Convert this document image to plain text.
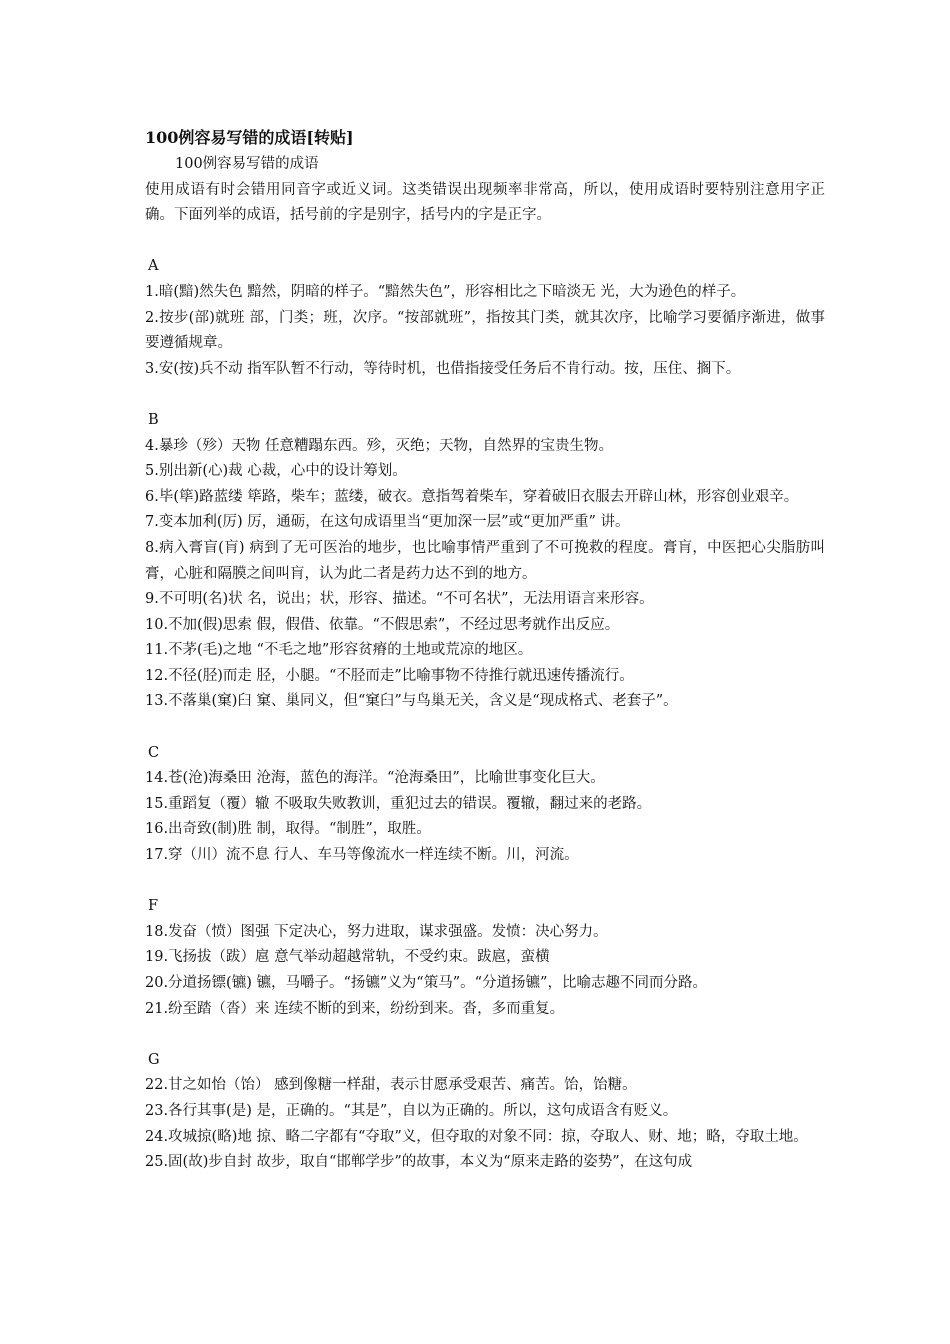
100例容易写错的成语[转贴]
100例容易写错的成语
使用成语有时会错用同音字或近义词。这类错误出现频率非常高，所以，使用成语时要特别注意用字正确。下面列举的成语，括号前的字是别字，括号内的字是正字。
A
1.暗(黯)然失色 黯然，阴暗的样子。“黯然失色”，形容相比之下暗淡无 光，大为逊色的样子。
2.按步(部)就班 部，门类；班，次序。“按部就班”，指按其门类，就其次序，比喻学习要循序渐进，做事要遵循规章。
3.安(按)兵不动 指军队暂不行动，等待时机，也借指接受任务后不肯行动。按，压住、搁下。
B
4.暴珍（殄）天物 任意糟蹋东西。殄，灭绝；天物，自然界的宝贵生物。
5.别出新(心)裁 心裁，心中的设计筹划。
6.毕(筚)路蓝缕 筚路，柴车；蓝缕，破衣。意指驾着柴车，穿着破旧衣服去开辟山林，形容创业艰辛。
7.变本加利(厉) 厉，通砺，在这句成语里当“更加深一层”或“更加严重” 讲。
8.病入膏盲(肓) 病到了无可医治的地步，也比喻事情严重到了不可挽救的程度。膏肓，中医把心尖脂肪叫膏，心脏和隔膜之间叫肓，认为此二者是药力达不到的地方。
9.不可明(名)状 名，说出；状，形容、描述。“不可名状”，无法用语言来形容。
10.不加(假)思索 假，假借、依靠。“不假思索”，不经过思考就作出反应。
11.不茅(毛)之地 “不毛之地”形容贫瘠的土地或荒凉的地区。
12.不径(胫)而走 胫，小腿。“不胫而走”比喻事物不待推行就迅速传播流行。
13.不落巢(窠)臼 窠、巢同义，但“窠臼”与鸟巢无关，含义是“现成格式、老套子”。
C
14.苍(沧)海桑田 沧海，蓝色的海洋。“沧海桑田”，比喻世事变化巨大。
15.重蹈复（覆）辙 不吸取失败教训，重犯过去的错误。覆辙，翻过来的老路。
16.出奇致(制)胜 制，取得。“制胜”，取胜。
17.穿（川）流不息 行人、车马等像流水一样连续不断。川，河流。
F
18.发奋（愤）图强 下定决心，努力进取，谋求强盛。发愤：决心努力。
19.飞扬拔（跋）扈 意气举动超越常轨，不受约束。跋扈，蛮横
20.分道扬镖(镳) 镳，马嚼子。“扬镳”义为“策马”。“分道扬镳”，比喻志趣不同而分路。
21.纷至踏（沓）来 连续不断的到来，纷纷到来。沓，多而重复。
G
22.甘之如怡（饴） 感到像糖一样甜，表示甘愿承受艰苦、痛苦。饴，饴糖。
23.各行其事(是) 是，正确的。“其是”，自以为正确的。所以，这句成语含有贬义。
24.攻城掠(略)地 掠、略二字都有“夺取”义，但夺取的对象不同：掠，夺取人、财、地；略，夺取土地。
25.固(故)步自封 故步，取自“邯郸学步”的故事，本义为“原来走路的姿势”，在这句成
